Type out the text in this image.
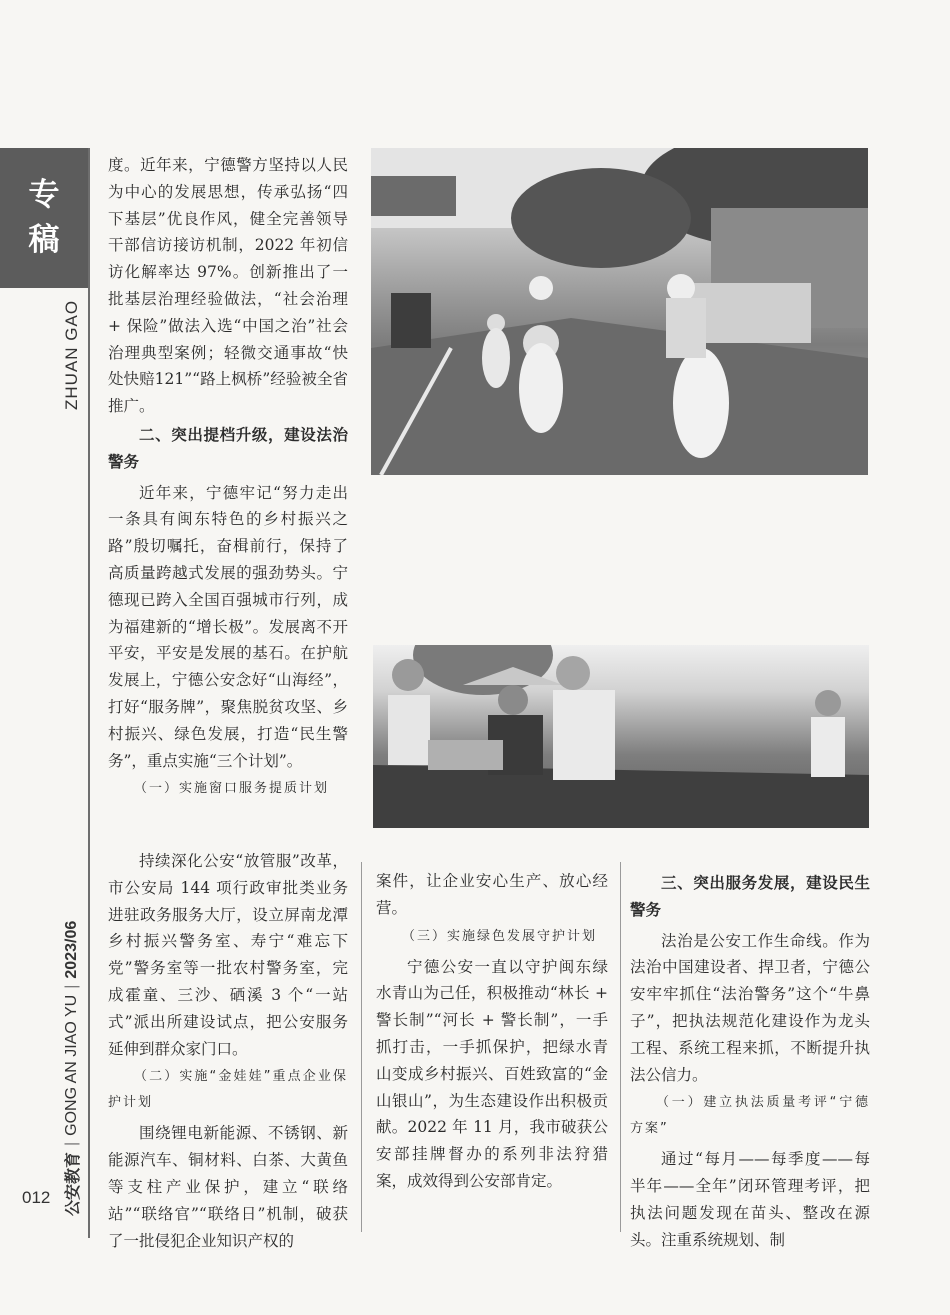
专
稿
ZHUAN GAO
公安教育
|
GONG AN JIAO YU
|
2023/06
012

度。近年来，宁德警方坚持以人民为中心的发展思想，传承弘扬“四下基层”优良作风，健全完善领导干部信访接访机制，2022 年初信访化解率达 97%。创新推出了一批基层治理经验做法，“社会治理 + 保险”做法入选“中国之治”社会治理典型案例；轻微交通事故“快处快赔121”“路上枫桥”经验被全省推广。

二、突出提档升级，建设法治警务

近年来，宁德牢记“努力走出一条具有闽东特色的乡村振兴之路”殷切嘱托，奋楫前行，保持了高质量跨越式发展的强劲势头。宁德现已跨入全国百强城市行列，成为福建新的“增长极”。发展离不开平安，平安是发展的基石。在护航发展上，宁德公安念好“山海经”，打好“服务牌”，聚焦脱贫攻坚、乡村振兴、绿色发展，打造“民生警务”，重点实施“三个计划”。

（一）实施窗口服务提质计划

持续深化公安“放管服”改革，市公安局 144 项行政审批类业务进驻政务服务大厅，设立屏南龙潭乡村振兴警务室、寿宁“难忘下党”警务室等一批农村警务室，完成霍童、三沙、硒溪 3 个“一站式”派出所建设试点，把公安服务延伸到群众家门口。

（二）实施“金娃娃”重点企业保护计划

围绕锂电新能源、不锈钢、新能源汽车、铜材料、白茶、大黄鱼等支柱产业保护，建立“联络站”“联络官”“联络日”机制，破获了一批侵犯企业知识产权的

案件，让企业安心生产、放心经营。

（三）实施绿色发展守护计划

宁德公安一直以守护闽东绿水青山为己任，积极推动“林长 + 警长制”“河长 + 警长制”，一手抓打击，一手抓保护，把绿水青山变成乡村振兴、百姓致富的“金山银山”，为生态建设作出积极贡献。2022 年 11 月，我市破获公安部挂牌督办的系列非法狩猎案，成效得到公安部肯定。

三、突出服务发展，建设民生警务

法治是公安工作生命线。作为法治中国建设者、捍卫者，宁德公安牢牢抓住“法治警务”这个“牛鼻子”，把执法规范化建设作为龙头工程、系统工程来抓，不断提升执法公信力。

（一）建立执法质量考评“宁德方案”

通过“每月——每季度——每半年——全年”闭环管理考评，把执法问题发现在苗头、整改在源头。注重系统规划、制
